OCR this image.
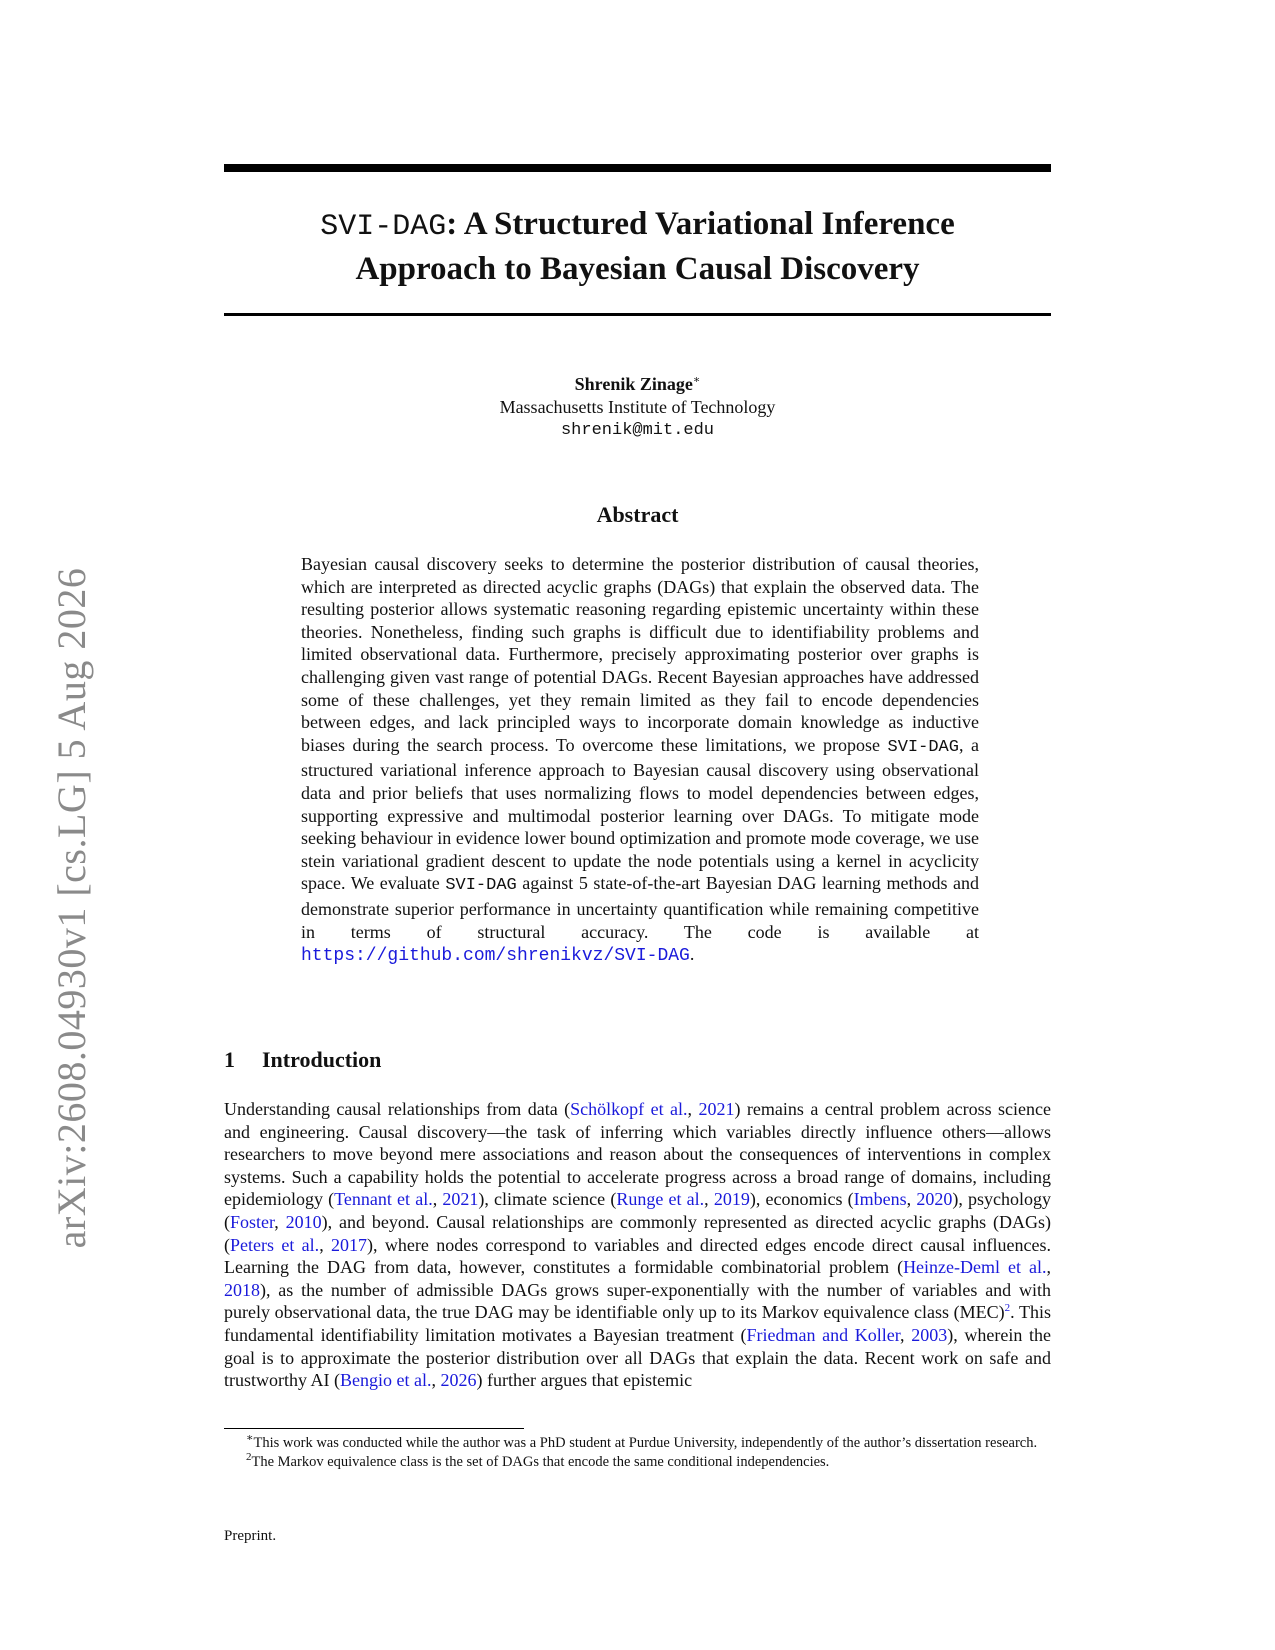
arXiv:2608.04930v1 [cs.LG] 5 Aug 2026
SVI-DAG: A Structured Variational Inference
Approach to Bayesian Causal Discovery
Shrenik Zinage∗
Massachusetts Institute of Technology
shrenik@mit.edu
Abstract

Bayesian causal discovery seeks to determine the posterior distribution of causal theories, which are interpreted as directed acyclic graphs (DAGs) that explain the observed data. The resulting posterior allows systematic reasoning regarding epistemic uncertainty within these theories. Nonetheless, finding such graphs is difficult due to identifiability problems and limited observational data. Furthermore, precisely approximating posterior over graphs is challenging given vast range of potential DAGs. Recent Bayesian approaches have addressed some of these challenges, yet they remain limited as they fail to encode dependencies between edges, and lack principled ways to incorporate domain knowledge as inductive biases during the search process. To overcome these limitations, we propose SVI-DAG, a structured variational inference approach to Bayesian causal discovery using observational data and prior beliefs that uses normalizing flows to model dependencies between edges, supporting expressive and multimodal posterior learning over DAGs. To mitigate mode seeking behaviour in evidence lower bound optimization and promote mode coverage, we use stein variational gradient descent to update the node potentials using a kernel in acyclicity space. We evaluate SVI-DAG against 5 state-of-the-art Bayesian DAG learning methods and demonstrate superior performance in uncertainty quantification while remaining competitive in terms of structural accuracy. The code is available at https://github.com/shrenikvz/SVI-DAG.

1 Introduction

Understanding causal relationships from data (Schölkopf et al., 2021) remains a central problem across science and engineering. Causal discovery—the task of inferring which variables directly influence others—allows researchers to move beyond mere associations and reason about the consequences of interventions in complex systems. Such a capability holds the potential to accelerate progress across a broad range of domains, including epidemiology (Tennant et al., 2021), climate science (Runge et al., 2019), economics (Imbens, 2020), psychology (Foster, 2010), and beyond. Causal relationships are commonly represented as directed acyclic graphs (DAGs) (Peters et al., 2017), where nodes correspond to variables and directed edges encode direct causal influences. Learning the DAG from data, however, constitutes a formidable combinatorial problem (Heinze-Deml et al., 2018), as the number of admissible DAGs grows super-exponentially with the number of variables and with purely observational data, the true DAG may be identifiable only up to its Markov equivalence class (MEC)$^2$. This fundamental identifiability limitation motivates a Bayesian treatment (Friedman and Koller, 2003), wherein the goal is to approximate the posterior distribution over all DAGs that explain the data. Recent work on safe and trustworthy AI (Bengio et al., 2026) further argues that epistemic

∗This work was conducted while the author was a PhD student at Purdue University, independently of the author’s dissertation research.

$^2$The Markov equivalence class is the set of DAGs that encode the same conditional independencies.

Preprint.
